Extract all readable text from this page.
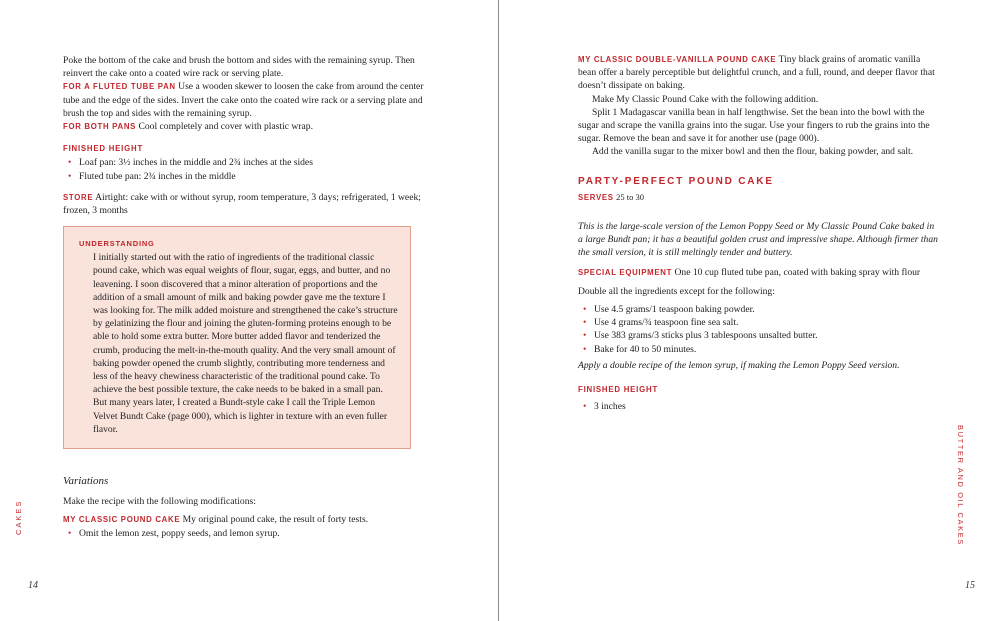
Poke the bottom of the cake and brush the bottom and sides with the remaining syrup. Then reinvert the cake onto a coated wire rack or serving plate.

FOR A FLUTED TUBE PAN Use a wooden skewer to loosen the cake from around the center tube and the edge of the sides. Invert the cake onto the coated wire rack or a serving plate and brush the top and sides with the remaining syrup.

FOR BOTH PANS Cool completely and cover with plastic wrap.

FINISHED HEIGHT

• Loaf pan: 3½ inches in the middle and 2¾ inches at the sides
• Fluted tube pan: 2¾ inches in the middle

STORE Airtight: cake with or without syrup, room temperature, 3 days; refrigerated, 1 week; frozen, 3 months

UNDERSTANDING

I initially started out with the ratio of ingredients of the traditional classic pound cake, which was equal weights of flour, sugar, eggs, and butter, and no leavening. I soon discovered that a minor alteration of proportions and the addition of a small amount of milk and baking powder gave me the texture I was looking for. The milk added moisture and strengthened the cake’s structure by gelatinizing the flour and joining the gluten-forming proteins enough to be able to hold some extra butter. More butter added flavor and tenderized the crumb, producing the melt-in-the-mouth quality. And the very small amount of baking powder opened the crumb slightly, contributing more tenderness and less of the heavy chewiness characteristic of the traditional pound cake. To achieve the best possible texture, the cake needs to be baked in a small pan. But many years later, I created a Bundt-style cake I call the Triple Lemon Velvet Bundt Cake (page 000), which is lighter in texture with an even fuller flavor.

Variations

Make the recipe with the following modifications:

MY CLASSIC POUND CAKE My original pound cake, the result of forty tests.

• Omit the lemon zest, poppy seeds, and lemon syrup.
CAKES
14

MY CLASSIC DOUBLE-VANILLA POUND CAKE Tiny black grains of aromatic vanilla bean offer a barely perceptible but delightful crunch, and a full, round, and deeper flavor that doesn’t dissipate on baking.

Make My Classic Pound Cake with the following addition.

Split 1 Madagascar vanilla bean in half lengthwise. Set the bean into the bowl with the sugar and scrape the vanilla grains into the sugar. Use your fingers to rub the grains into the sugar. Remove the bean and save it for another use (page 000).

Add the vanilla sugar to the mixer bowl and then the flour, baking powder, and salt.

PARTY-PERFECT POUND CAKE

SERVES 25 to 30

This is the large-scale version of the Lemon Poppy Seed or My Classic Pound Cake baked in a large Bundt pan; it has a beautiful golden crust and impressive shape. Although firmer than the small version, it is still meltingly tender and buttery.

SPECIAL EQUIPMENT One 10 cup fluted tube pan, coated with baking spray with flour

Double all the ingredients except for the following:

• Use 4.5 grams/1 teaspoon baking powder.
• Use 4 grams/¾ teaspoon fine sea salt.
• Use 383 grams/3 sticks plus 3 tablespoons unsalted butter.
• Bake for 40 to 50 minutes.

Apply a double recipe of the lemon syrup, if making the Lemon Poppy Seed version.

FINISHED HEIGHT

• 3 inches
BUTTER AND OIL CAKES
15
